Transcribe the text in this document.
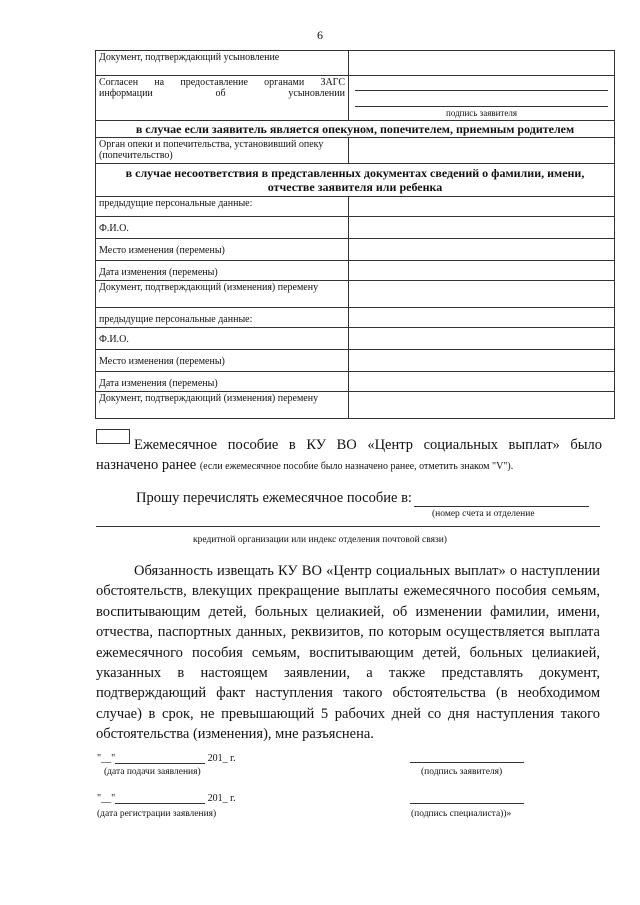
6
Документ, подтверждающий усыновление	
Согласен на предоставление органами ЗАГС информации об усыновлении	подпись заявителя

в случае если заявитель является опекуном, попечителем, приемным родителем	
Орган опеки и попечительства, установивший опеку (попечительство)	
в случае несоответствия в представленных документах сведений о фамилии, имени, отчестве заявителя или ребенка	
предыдущие персональные данные:	
Ф.И.О.	
Место изменения (перемены)	
Дата изменения (перемены)	
Документ, подтверждающий (изменения) перемену	
предыдущие персональные данные:	
Ф.И.О.	
Место изменения (перемены)	
Дата изменения (перемены)	
Документ, подтверждающий (изменения) перемену	
Ежемесячное пособие в КУ ВО «Центр социальных выплат» было назначено ранее (если ежемесячное пособие было назначено ранее, отметить знаком "V").
Прошу перечислять ежемесячное пособие в:
(номер счета и отделение
кредитной организации или индекс отделения почтовой связи)
Обязанность извещать КУ ВО «Центр социальных выплат» о наступлении обстоятельств, влекущих прекращение выплаты ежемесячного пособия семьям, воспитывающим детей, больных целиакией, об изменении фамилии, имени, отчества, паспортных данных, реквизитов, по которым осуществляется выплата ежемесячного пособия семьям, воспитывающим детей, больных целиакией, указанных в настоящем заявлении, а также представлять документ, подтверждающий факт наступления такого обстоятельства (в необходимом случае) в срок, не превышающий 5 рабочих дней со дня наступления такого обстоятельства (изменения), мне разъяснена.
"__"	201_ г.
(дата подачи заявления)	(подпись заявителя)
"__"	201_ г.
(дата регистрации заявления)	(подпись специалиста))»
